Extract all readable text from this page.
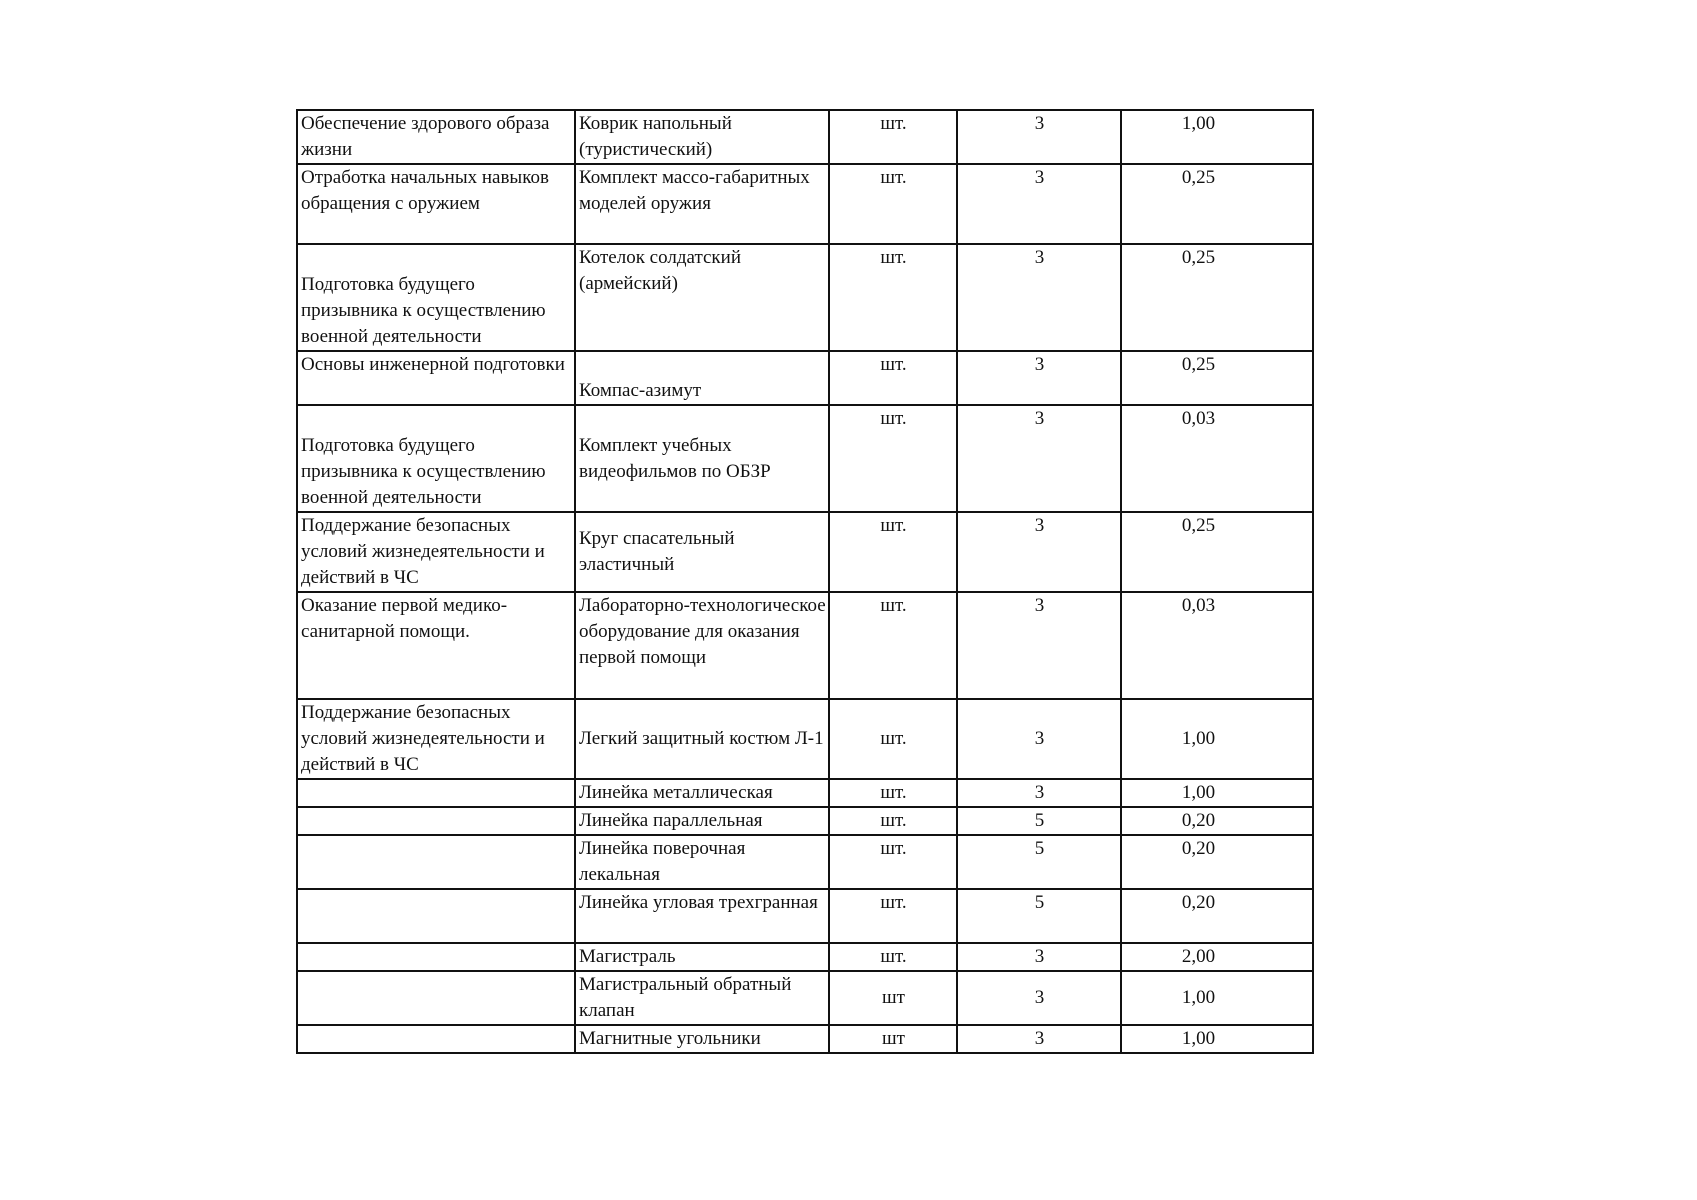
Обеспечение здорового образа жизни	Коврик напольный (туристический)	шт.	3	1,00
Отработка начальных навыков обращения с оружием	Комплект массо-габаритных моделей оружия	шт.	3	0,25
Подготовка будущего призывника к осуществлению военной деятельности	Котелок солдатский (армейский)	шт.	3	0,25
Основы инженерной подготовки	Компас-азимут	шт.	3	0,25
Подготовка будущего призывника к осуществлению военной деятельности	Комплект учебных видеофильмов по ОБЗР	шт.	3	0,03
Поддержание безопасных условий жизнедеятельности и действий в ЧС	Круг спасательный эластичный	шт.	3	0,25
Оказание первой медико-санитарной помощи.	Лабораторно-технологическое оборудование для оказания первой помощи	шт.	3	0,03
Поддержание безопасных условий жизнедеятельности и действий в ЧС	Легкий защитный костюм Л-1	шт.	3	1,00
	Линейка металлическая	шт.	3	1,00
	Линейка параллельная	шт.	5	0,20
	Линейка поверочная лекальная	шт.	5	0,20
	Линейка угловая трехгранная	шт.	5	0,20
	Магистраль	шт.	3	2,00
	Магистральный обратный клапан	шт	3	1,00
	Магнитные угольники	шт	3	1,00
